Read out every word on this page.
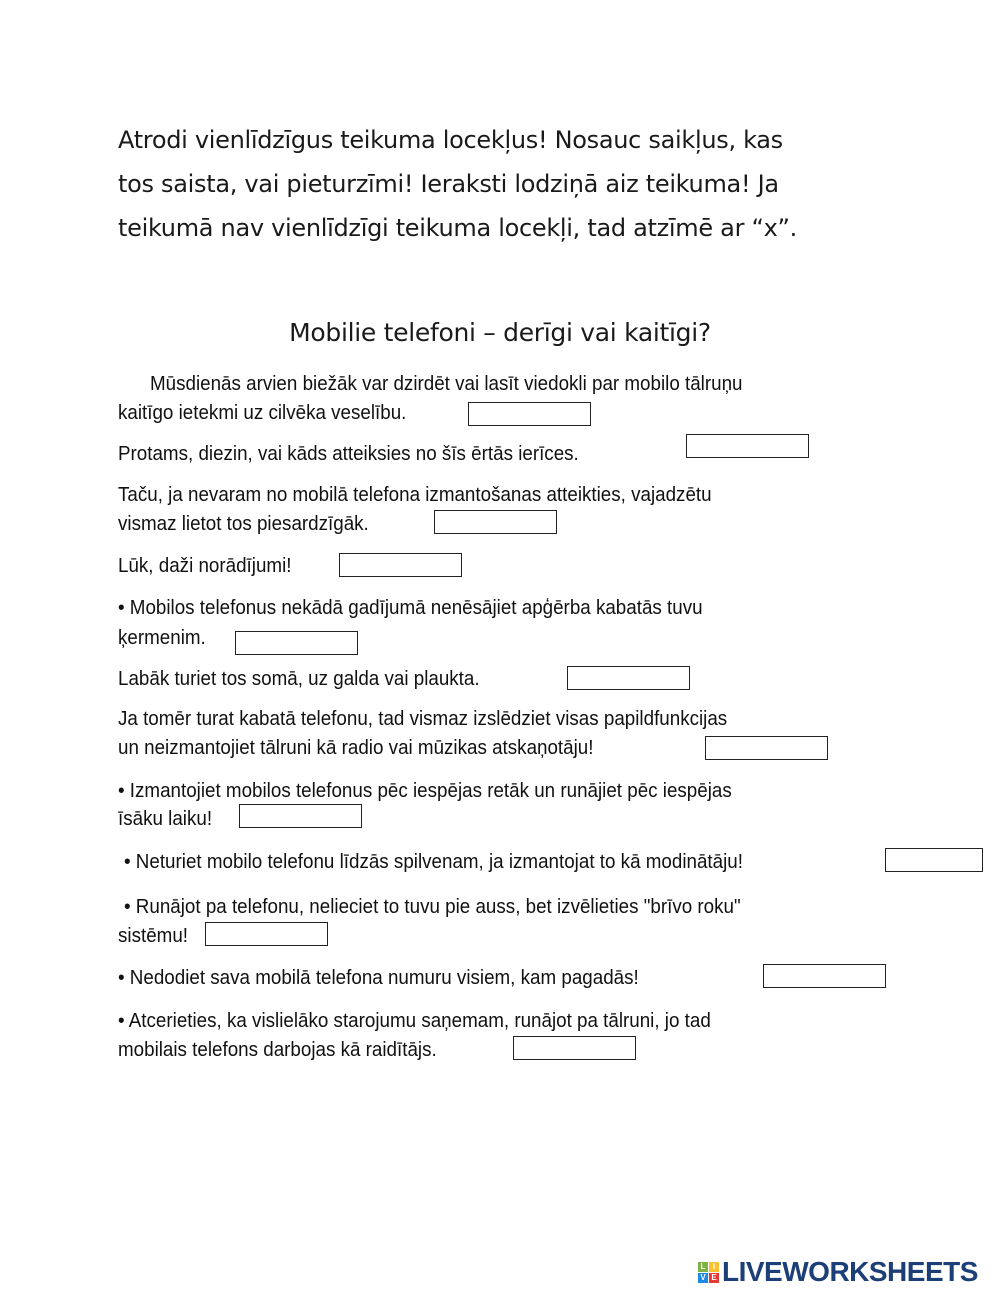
Atrodi vienlīdzīgus teikuma locekļus! Nosauc saikļus, kas
tos saista, vai pieturzīmi! Ieraksti lodziņā aiz teikuma! Ja
teikumā nav vienlīdzīgi teikuma locekļi, tad atzīmē ar “x”.
Mobilie telefoni – derīgi vai kaitīgi?
Mūsdienās arvien biežāk var dzirdēt vai lasīt viedokli par mobilo tālruņu
kaitīgo ietekmi uz cilvēka veselību.
Protams, diezin, vai kāds atteiksies no šīs ērtās ierīces.
Taču, ja nevaram no mobilā telefona izmantošanas atteikties, vajadzētu
vismaz lietot tos piesardzīgāk.
Lūk, daži norādījumi!
• Mobilos telefonus nekādā gadījumā nenēsājiet apģērba kabatās tuvu
ķermenim.
Labāk turiet tos somā, uz galda vai plaukta.
Ja tomēr turat kabatā telefonu, tad vismaz izslēdziet visas papildfunkcijas
un neizmantojiet tālruni kā radio vai mūzikas atskaņotāju!
• Izmantojiet mobilos telefonus pēc iespējas retāk un runājiet pēc iespējas
īsāku laiku!
• Neturiet mobilo telefonu līdzās spilvenam, ja izmantojat to kā modinātāju!
• Runājot pa telefonu, nelieciet to tuvu pie auss, bet izvēlieties "brīvo roku"
sistēmu!
• Nedodiet sava mobilā telefona numuru visiem, kam pagadās!
• Atcerieties, ka vislielāko starojumu saņemam, runājot pa tālruni, jo tad
mobilais telefons darbojas kā raidītājs.
L I
V E LIVEWORKSHEETS
